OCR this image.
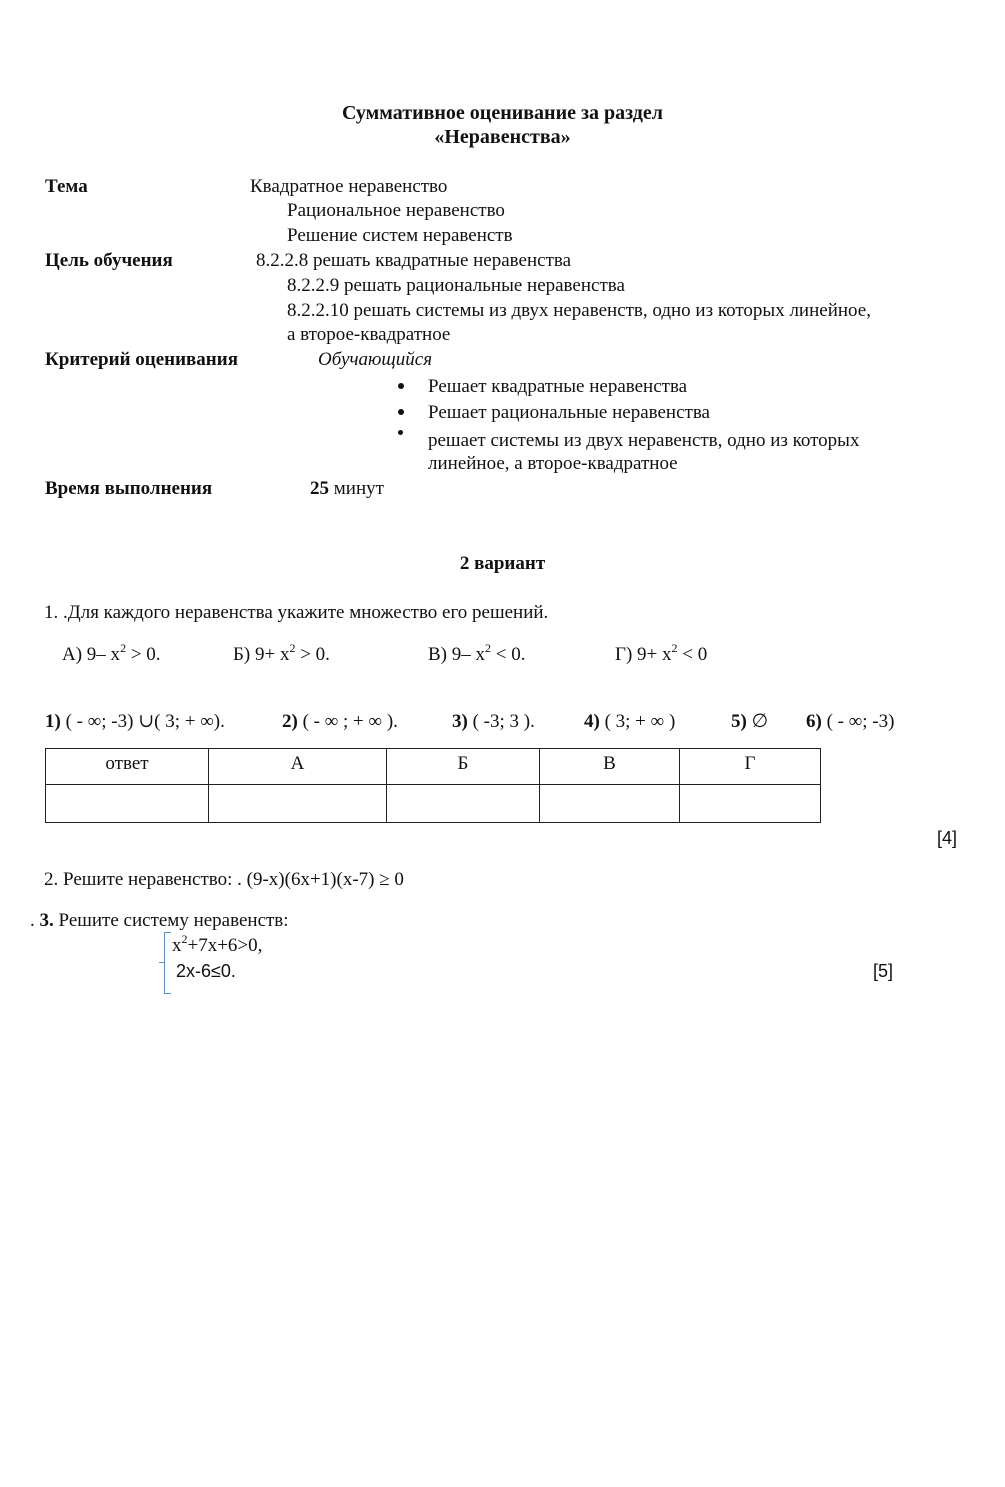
Суммативное оценивание за раздел
«Неравенства»
Тема	Квадратное неравенство
Рациональное неравенство
Решение систем неравенств
Цель обучения	8.2.2.8 решать квадратные неравенства
8.2.2.9 решать рациональные неравенства
8.2.2.10 решать системы из двух неравенств, одно из которых линейное,
а второе-квадратное
Критерий оценивания	Обучающийся
Решает квадратные неравенства
Решает рациональные неравенства
решает системы из двух неравенств, одно из которых
линейное, а второе-квадратное
Время выполнения	25 минут
2 вариант
1. .Для каждого неравенства укажите множество его решений.
А) 9– $x^2 > 0$.	Б) $9+ x^2 > 0$.	В) 9– $x^2 < 0$.	Г) $9+ x^2 < 0$
1) ( - ∞; -3) ∪( 3; + ∞).	2) ( - ∞ ; + ∞ ).	3) ( -3; 3 ).	4) ( 3; + ∞ )	5) ∅ 6) ( - ∞; -3)
ответ	А	Б	В	Г

[4]
2. Решите неравенство: . (9-x)(6x+1)(x-7) ≥ 0
. 3. Решите систему неравенств:
$x^2+7x+6>0$,
2x-6≤0.	[5]
